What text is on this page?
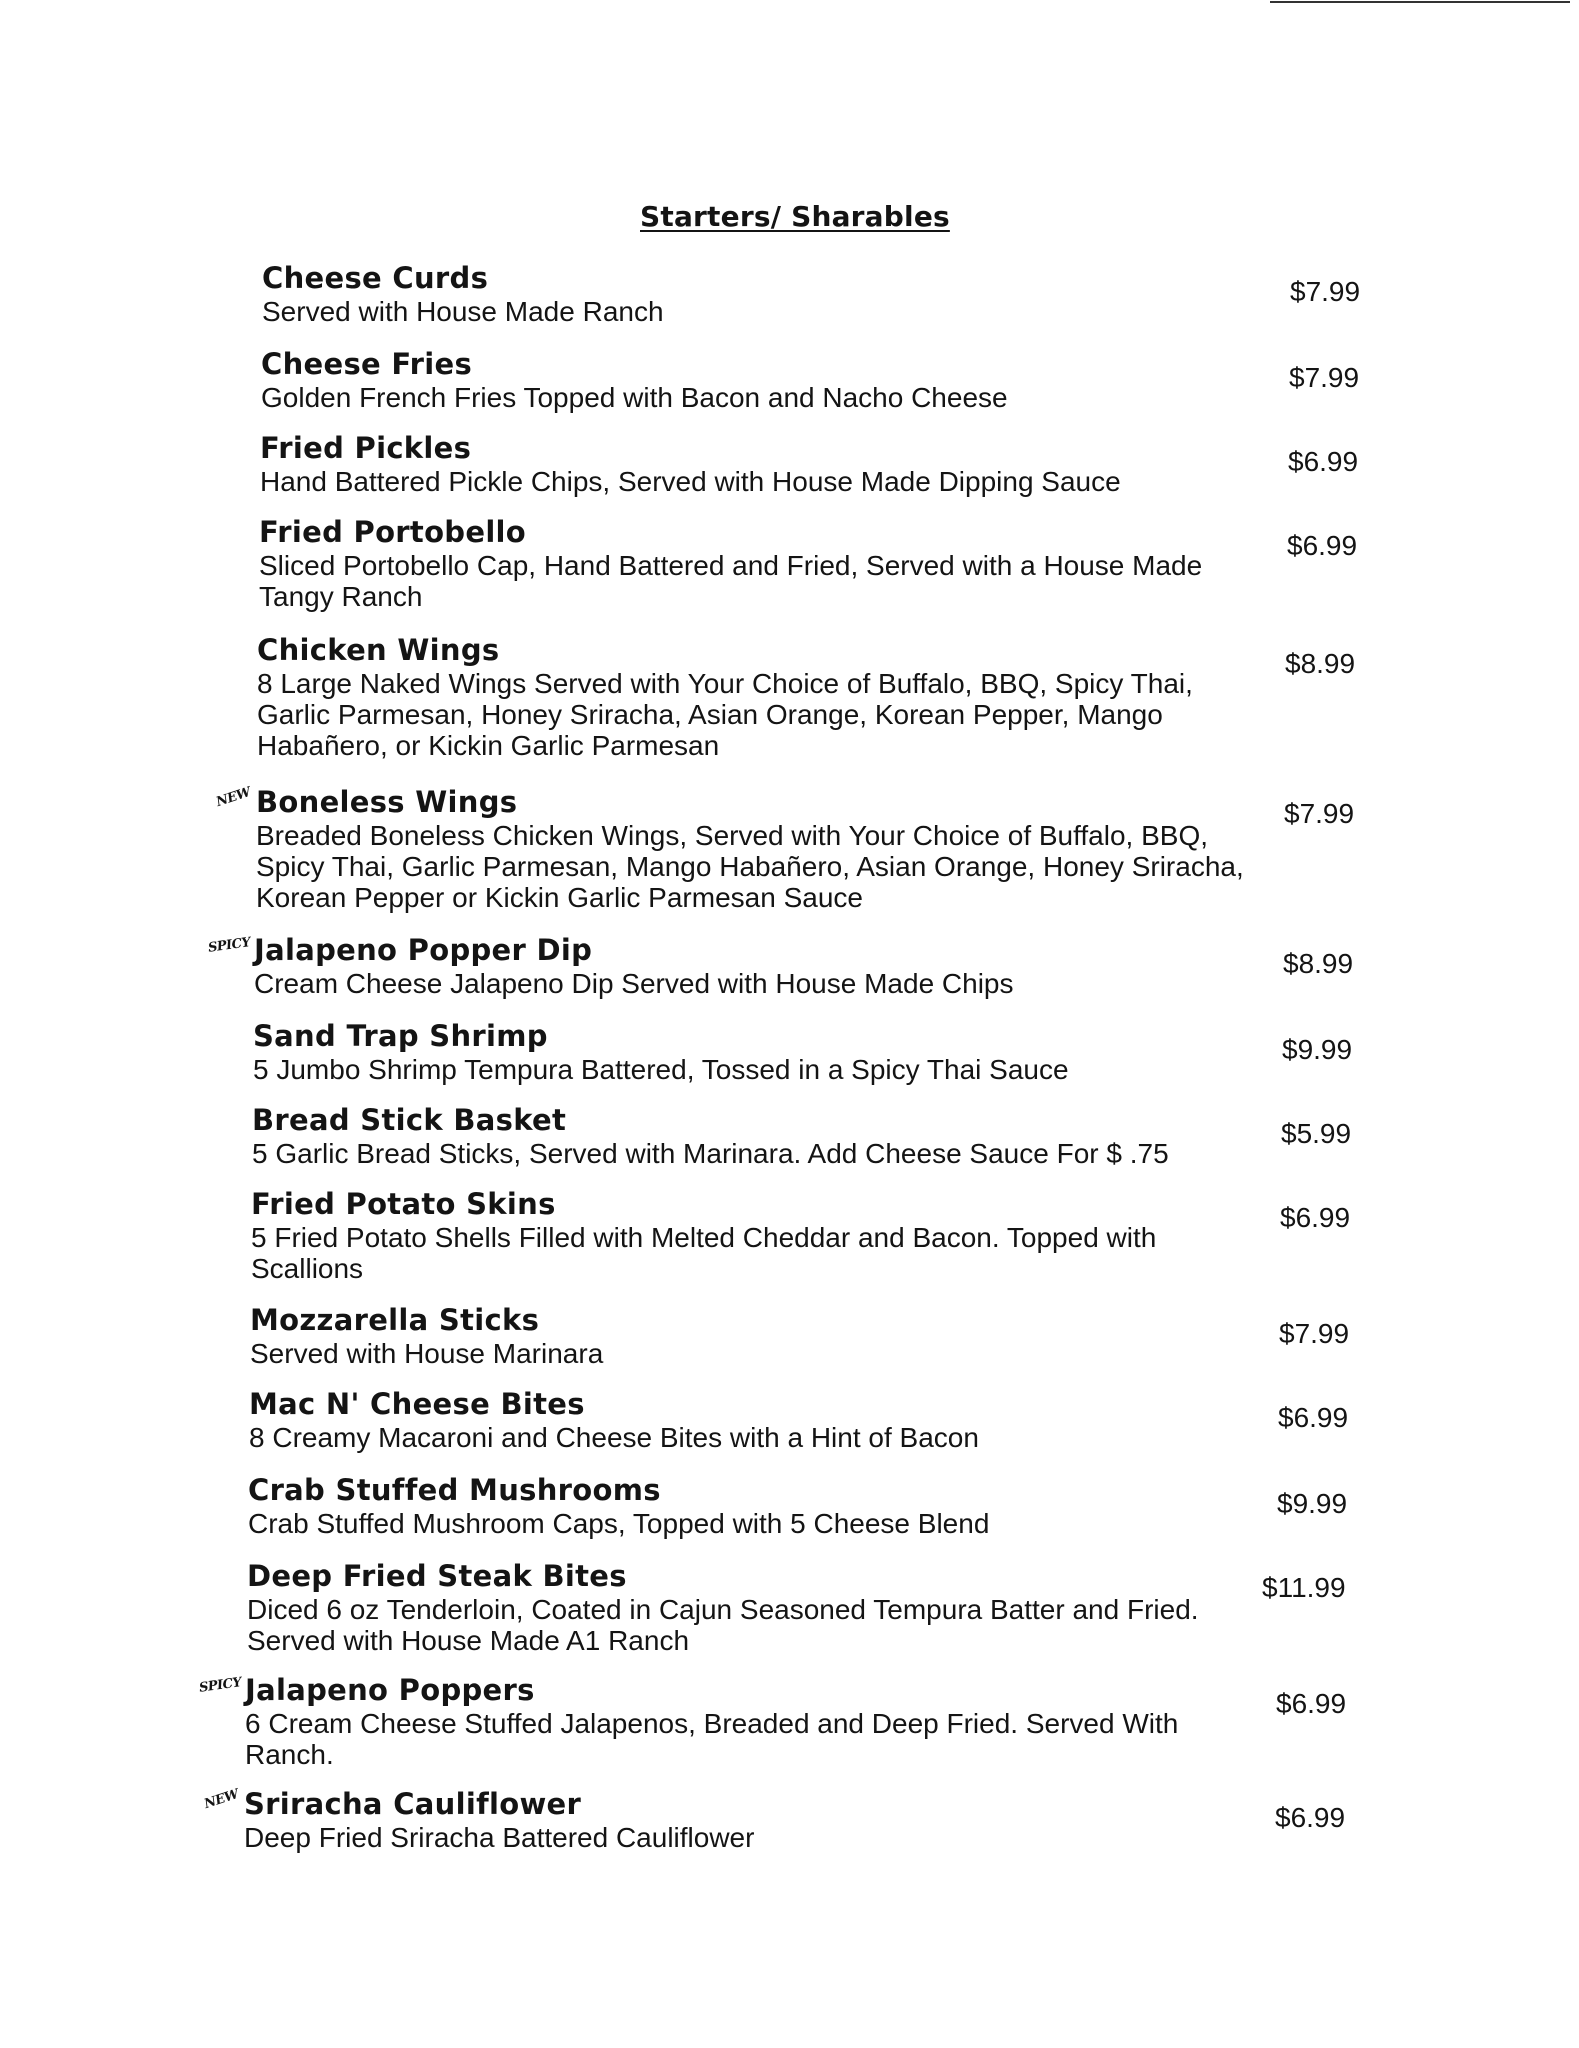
Starters/ Sharables
Cheese Curds
Served with House Made Ranch
$7.99
Cheese Fries
Golden French Fries Topped with Bacon and Nacho Cheese
$7.99
Fried Pickles
Hand Battered Pickle Chips, Served with House Made Dipping Sauce
$6.99
Fried Portobello
Sliced Portobello Cap, Hand Battered and Fried, Served with a House Made Tangy Ranch
$6.99
Chicken Wings
8 Large Naked Wings Served with Your Choice of Buffalo, BBQ, Spicy Thai, Garlic Parmesan, Honey Sriracha, Asian Orange, Korean Pepper, Mango Habañero, or Kickin Garlic Parmesan
$8.99
NEW Boneless Wings
Breaded Boneless Chicken Wings, Served with Your Choice of Buffalo, BBQ, Spicy Thai, Garlic Parmesan, Mango Habañero, Asian Orange, Honey Sriracha, Korean Pepper or Kickin Garlic Parmesan Sauce
$7.99
SPICY Jalapeno Popper Dip
Cream Cheese Jalapeno Dip Served with House Made Chips
$8.99
Sand Trap Shrimp
5 Jumbo Shrimp Tempura Battered, Tossed in a Spicy Thai Sauce
$9.99
Bread Stick Basket
5 Garlic Bread Sticks, Served with Marinara. Add Cheese Sauce For $ .75
$5.99
Fried Potato Skins
5 Fried Potato Shells Filled with Melted Cheddar and Bacon. Topped with Scallions
$6.99
Mozzarella Sticks
Served with House Marinara
$7.99
Mac N' Cheese Bites
8 Creamy Macaroni and Cheese Bites with a Hint of Bacon
$6.99
Crab Stuffed Mushrooms
Crab Stuffed Mushroom Caps, Topped with 5 Cheese Blend
$9.99
Deep Fried Steak Bites
Diced 6 oz Tenderloin, Coated in Cajun Seasoned Tempura Batter and Fried. Served with House Made A1 Ranch
$11.99
SPICY Jalapeno Poppers
6 Cream Cheese Stuffed Jalapenos, Breaded and Deep Fried. Served With Ranch.
$6.99
NEW Sriracha Cauliflower
Deep Fried Sriracha Battered Cauliflower
$6.99
